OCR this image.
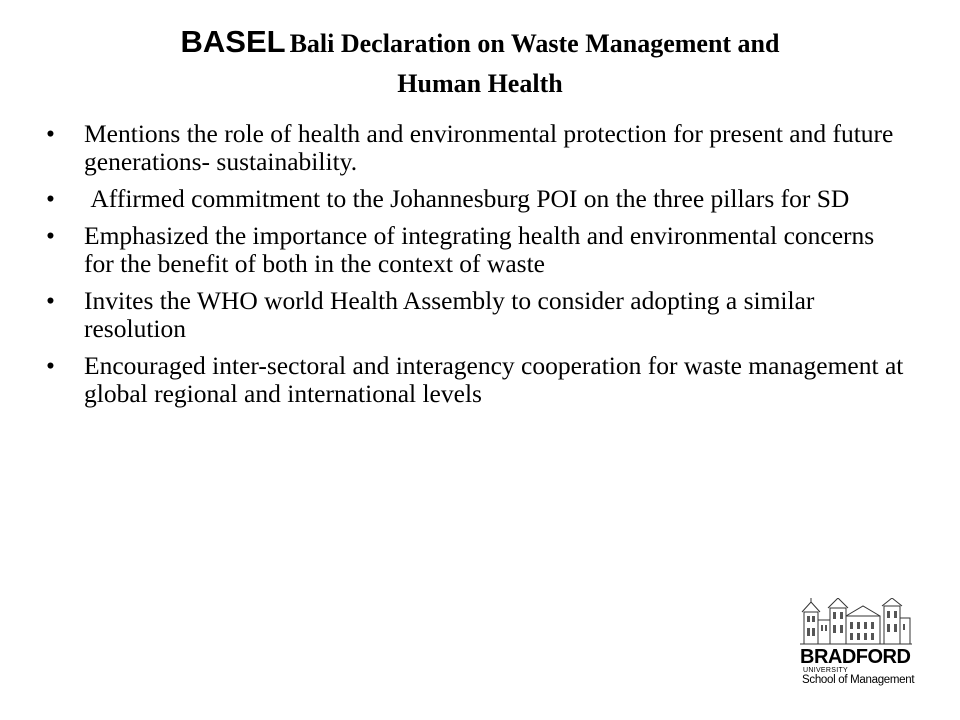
BASEL Bali Declaration on Waste Management and
Human Health
• Mentions the role of health and environmental protection for present and future generations- sustainability.
• Affirmed commitment to the Johannesburg POI on the three pillars for SD
• Emphasized the importance of integrating health and environmental concerns for the benefit of both in the context of waste
• Invites the WHO world Health Assembly to consider adopting a similar resolution
• Encouraged inter-sectoral and interagency cooperation for waste management at global regional and international levels
BRADFORD
UNIVERSITY
School of Management
